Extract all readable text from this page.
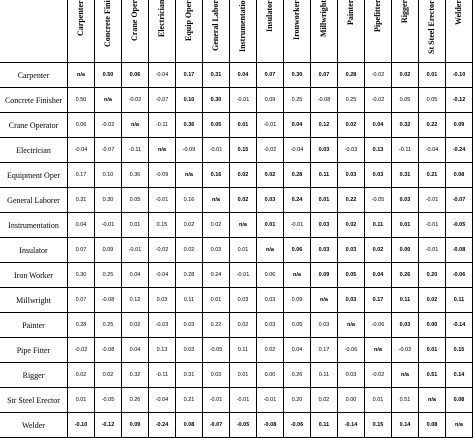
	Carpenter	Concrete Fini	Crane Oper	Electrician	Equip Oper	General Labor	Instrumentatio	Insulator	Ironworker	Millwright	Painter	Pipefitter	Rigger	St Steel Erector	Welder

Carpenter	n/a	0.50	0.06	-0.04	0.17	0.31	0.04	0.07	0.30	0.07	0.28	-0.02	0.02	0.01	-0.10
Concrete Finisher	0.50	n/a	-0.02	-0.07	0.10	0.30	-0.01	0.09	0.25	-0.08	0.25	-0.02	0.05	0.05	-0.12
Crane Operator	0.06	-0.02	n/a	-0.11	0.36	0.05	0.01	-0.01	0.04	0.12	0.02	0.04	0.32	0.22	0.09
Electrician	-0.04	-0.07	-0.11	n/a	-0.09	-0.01	0.15	-0.02	-0.04	0.03	-0.03	0.13	-0.11	-0.04	-0.24
Equipment Oper	0.17	0.10	0.36	-0.09	n/a	0.16	0.02	0.02	0.28	0.11	0.03	0.03	0.31	0.21	0.08
General Laborer	0.31	0.30	0.05	-0.01	0.16	n/a	0.02	0.03	0.24	0.01	0.22	-0.05	0.03	-0.01	-0.07
Instrumentation	0.04	-0.01	0.01	0.15	0.02	0.02	n/a	0.01	-0.01	0.03	0.02	0.11	0.01	-0.01	-0.05
Insulator	0.07	0.09	-0.01	-0.02	0.02	0.03	0.01	n/a	0.06	0.03	0.03	0.02	0.00	-0.01	-0.08
Iron Worker	0.30	0.25	0.04	-0.04	0.28	0.24	-0.01	0.06	n/a	0.09	0.05	0.04	0.26	0.20	-0.06
Millwright	0.07	-0.08	0.12	0.03	0.11	0.01	0.03	0.03	0.09	n/a	0.03	0.17	0.11	0.02	0.11
Painter	0.28	0.25	0.02	-0.03	0.03	0.22	0.02	0.03	0.05	0.03	n/a	-0.06	0.03	0.00	-0.14
Pipe Fitter	-0.02	-0.08	0.04	0.13	0.03	-0.05	0.11	0.02	0.04	0.17	-0.06	n/a	-0.02	0.01	0.15
Rigger	0.02	0.02	0.32	-0.11	0.31	0.03	0.01	0.00	0.26	0.11	0.03	-0.02	n/a	0.51	0.14
Str Steel Erector	0.01	-0.05	0.26	-0.04	0.21	-0.01	-0.01	-0.01	0.20	0.02	0.00	0.01	0.51	n/a	0.08
Welder	-0.10	-0.12	0.09	-0.24	0.08	-0.07	-0.05	-0.08	-0.06	0.11	-0.14	0.15	0.14	0.08	n/a
